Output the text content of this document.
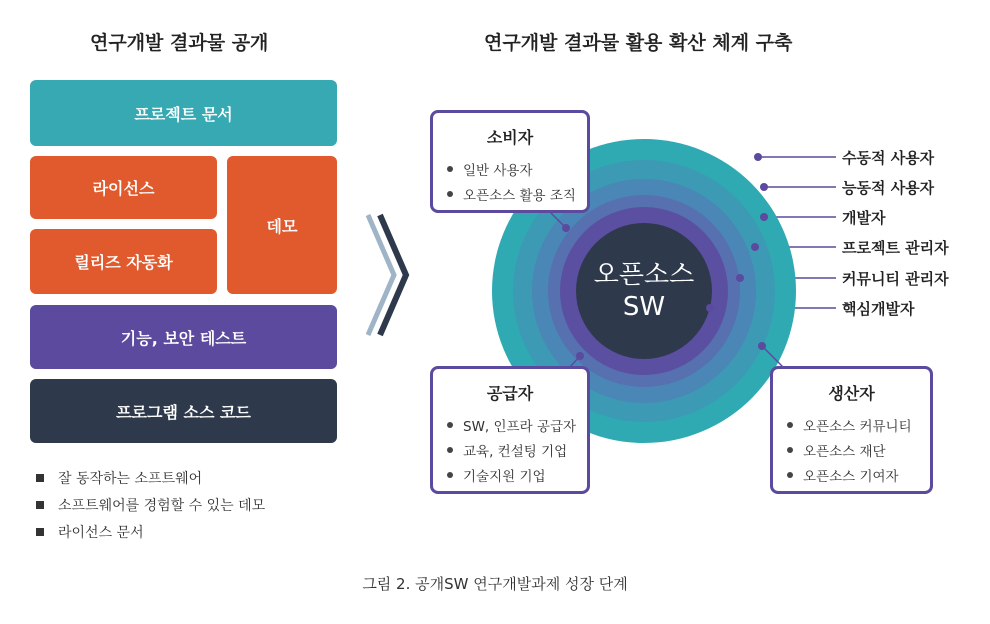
연구개발 결과물 공개
프로젝트 문서
라이선스
데모
릴리즈 자동화
기능, 보안 테스트
프로그램 소스 코드
잘 동작하는 소프트웨어
소프트웨어를 경험할 수 있는 데모
라이선스 문서
연구개발 결과물 활용 확산 체계 구축
오픈소스
SW
수동적 사용자
능동적 사용자
개발자
프로젝트 관리자
커뮤니티 관리자
핵심개발자
소비자
일반 사용자
오픈소스 활용 조직
공급자
SW, 인프라 공급자
교육, 컨설팅 기업
기술지원 기업
생산자
오픈소스 커뮤니티
오픈소스 재단
오픈소스 기여자
그림 2. 공개SW 연구개발과제 성장 단계
